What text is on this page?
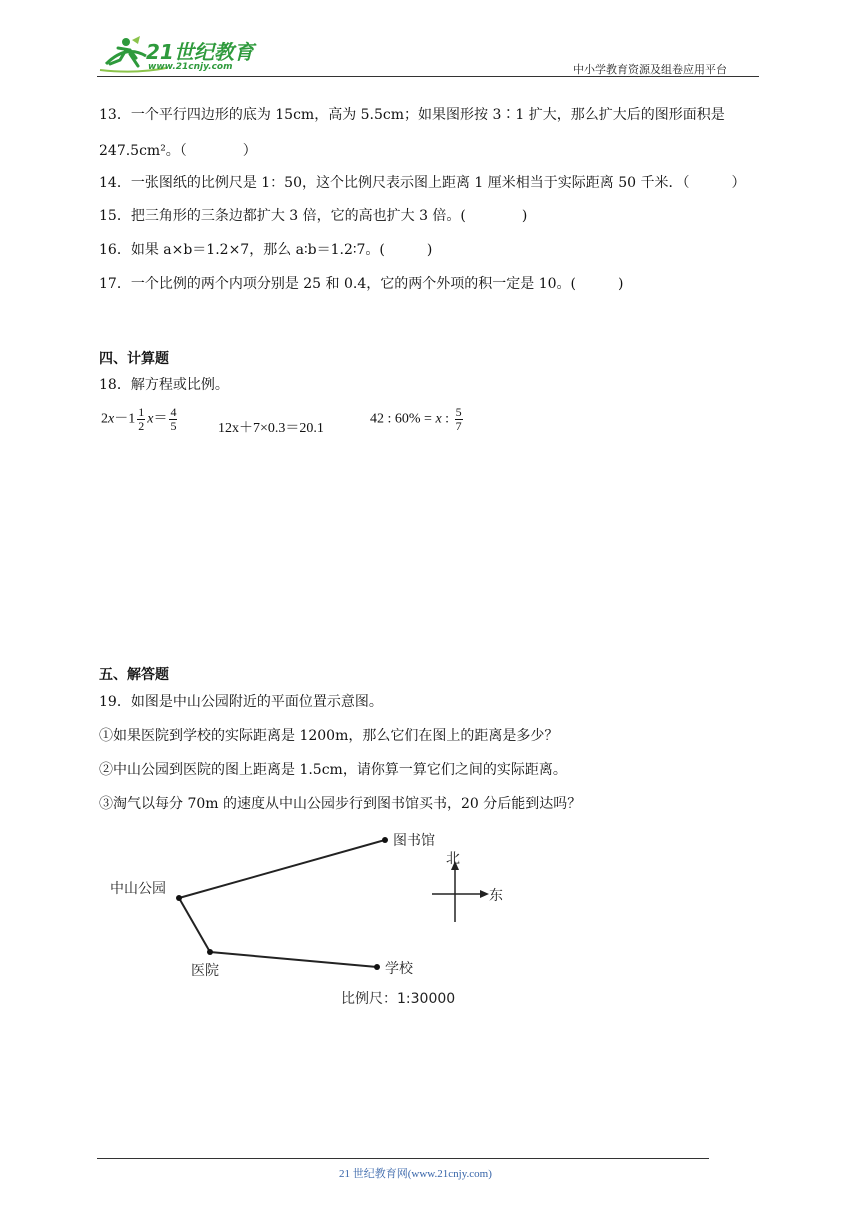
21世纪教育
www.21cnjy.com	中小学教育资源及组卷应用平台
13．一个平行四边形的底为 15cm，高为 5.5cm；如果图形按 3∶1 扩大，那么扩大后的图形面积是
247.5cm²。（　　　　）
14．一张图纸的比例尺是 1：50，这个比例尺表示图上距离 1 厘米相当于实际距离 50 千米．（　　　）
15．把三角形的三条边都扩大 3 倍，它的高也扩大 3 倍。(　　　　)
16．如果 a×b＝1.2×7，那么 a∶b＝1.2∶7。(　　　)
17．一个比例的两个内项分别是 25 和 0.4，它的两个外项的积一定是 10。(　　　)
四、计算题
18．解方程或比例。
$2x-1 \frac{1}{2} x= \frac{4}{5}$	12x＋7×0.3＝20.1
42 : 60% = x : $\frac{5}{7}$
五、解答题
19．如图是中山公园附近的平面位置示意图。
①如果医院到学校的实际距离是 1200m，那么它们在图上的距离是多少？
②中山公园到医院的图上距离是 1.5cm，请你算一算它们之间的实际距离。
③淘气以每分 70m 的速度从中山公园步行到图书馆买书，20 分后能到达吗？
中山公园
图书馆
医院	学校
比例尺：1:30000
北
东
21 世纪教育网(www.21cnjy.com)
